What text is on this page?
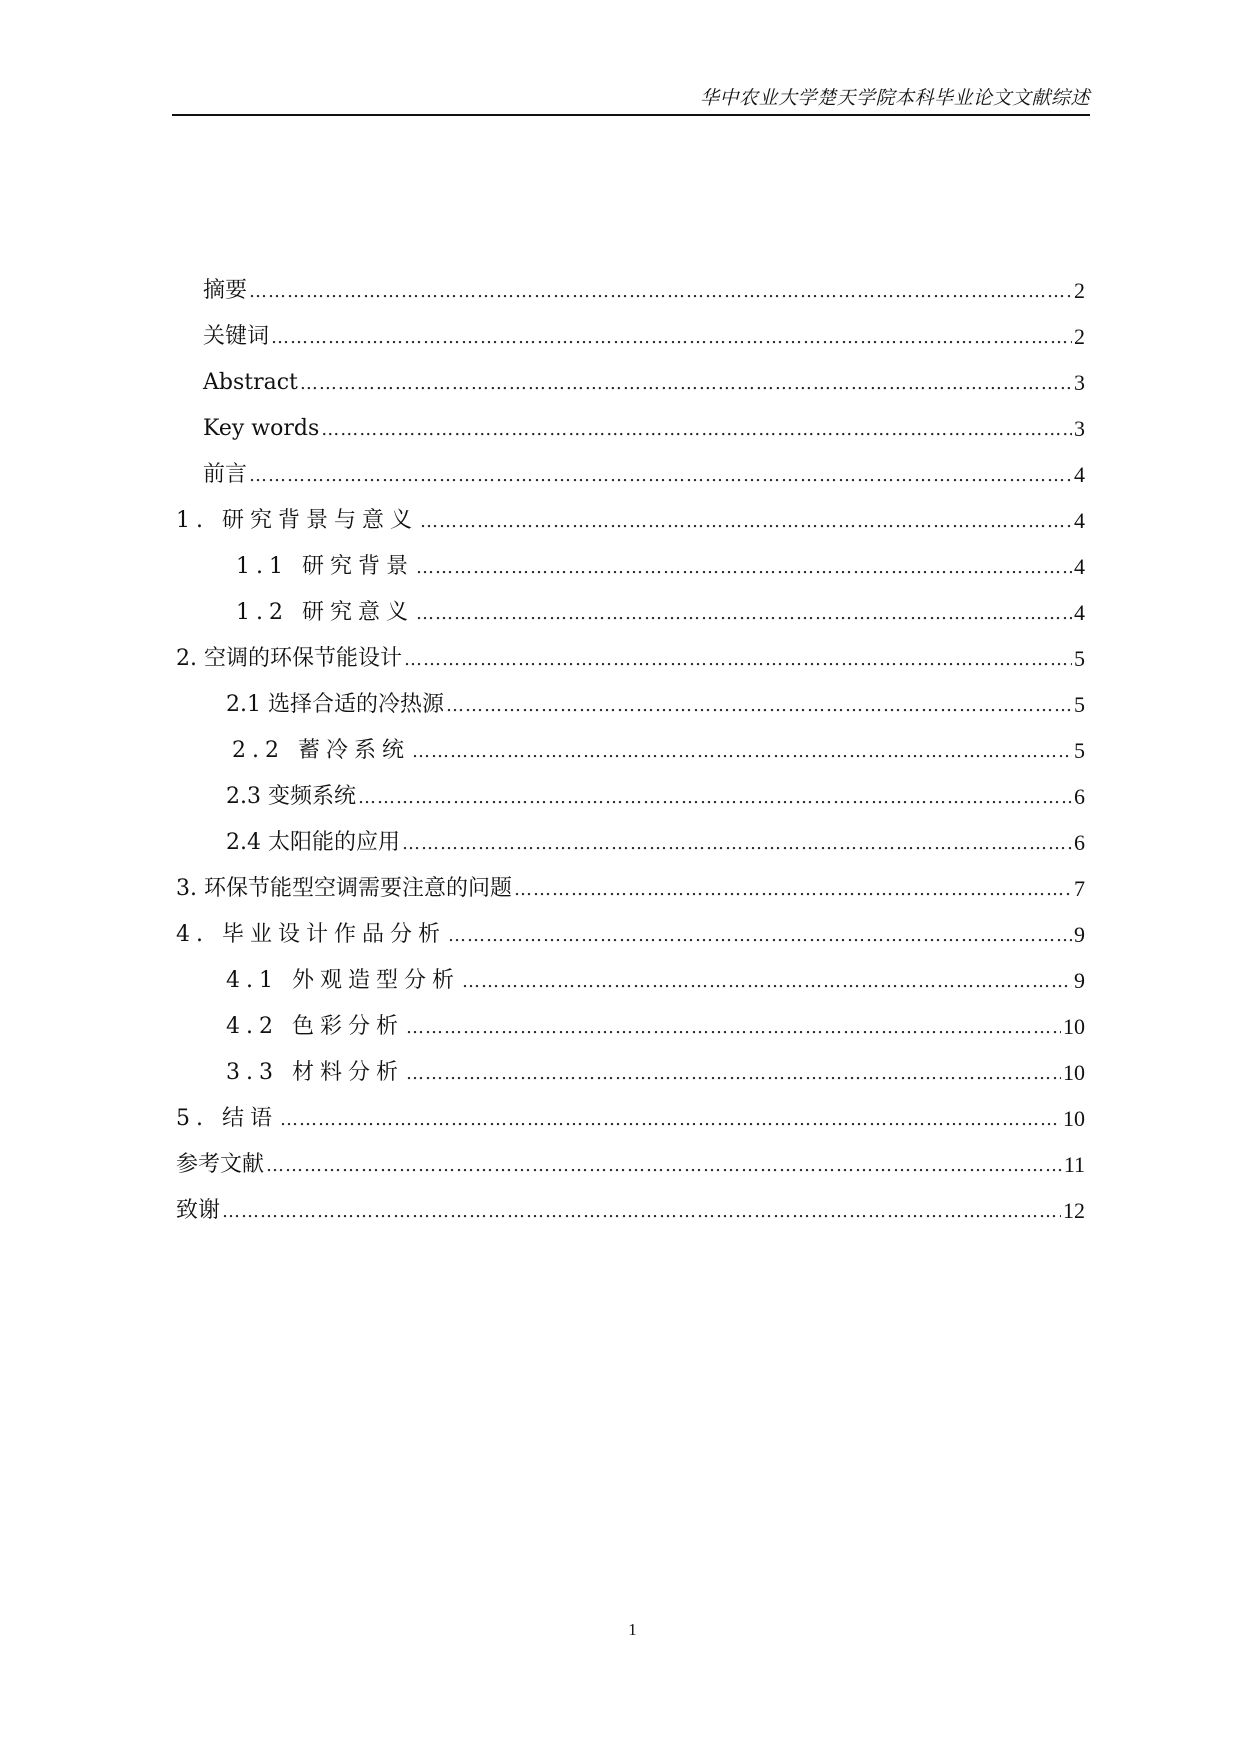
华中农业大学楚天学院本科毕业论文文献综述
摘要 …………………………………………………………………………………………………………………………………………………………	2
关键词 …………………………………………………………………………………………………………………………………………………………	2
Abstract …………………………………………………………………………………………………………………………………………………………	3
Key words …………………………………………………………………………………………………………………………………………………………	3
前言 …………………………………………………………………………………………………………………………………………………………	4
1. 研究背景与意义 …………………………………………………………………………………………………………………………………………………………	4
1.1 研究背景 …………………………………………………………………………………………………………………………………………………………	4
1.2 研究意义 …………………………………………………………………………………………………………………………………………………………	4
2. 空调的环保节能设计 …………………………………………………………………………………………………………………………………………………………	5
2.1 选择合适的冷热源 …………………………………………………………………………………………………………………………………………………………	5
2.2 蓄冷系统 …………………………………………………………………………………………………………………………………………………………	5
2.3 变频系统 …………………………………………………………………………………………………………………………………………………………	6
2.4 太阳能的应用 …………………………………………………………………………………………………………………………………………………………	6
3. 环保节能型空调需要注意的问题 …………………………………………………………………………………………………………………………………………………………	7
4. 毕业设计作品分析 …………………………………………………………………………………………………………………………………………………………	9
4.1 外观造型分析 …………………………………………………………………………………………………………………………………………………………	9
4.2 色彩分析 …………………………………………………………………………………………………………………………………………………………	10
3.3 材料分析 …………………………………………………………………………………………………………………………………………………………	10
5. 结语 …………………………………………………………………………………………………………………………………………………………	10
参考文献 …………………………………………………………………………………………………………………………………………………………	11
致谢 …………………………………………………………………………………………………………………………………………………………	12
1
